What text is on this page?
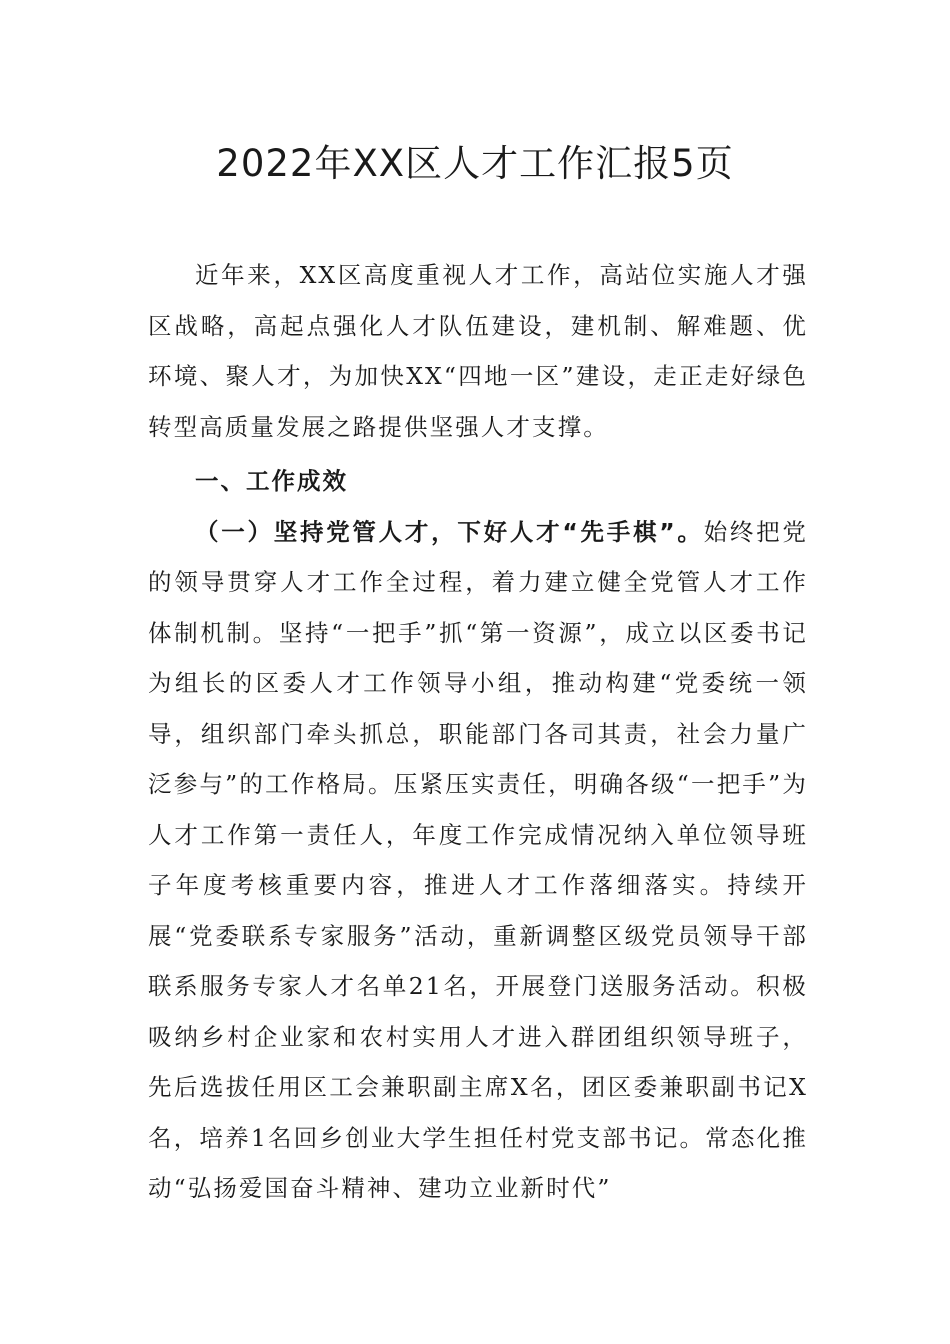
2022年XX区人才工作汇报5页

近年来，XX区高度重视人才工作，高站位实施人才强区战略，高起点强化人才队伍建设，建机制、解难题、优环境、聚人才，为加快XX“四地一区”建设，走正走好绿色转型高质量发展之路提供坚强人才支撑。

一、工作成效

（一）坚持党管人才，下好人才“先手棋”。始终把党的领导贯穿人才工作全过程，着力建立健全党管人才工作体制机制。坚持“一把手”抓“第一资源”，成立以区委书记为组长的区委人才工作领导小组，推动构建“党委统一领导，组织部门牵头抓总，职能部门各司其责，社会力量广泛参与”的工作格局。压紧压实责任，明确各级“一把手”为人才工作第一责任人，年度工作完成情况纳入单位领导班子年度考核重要内容，推进人才工作落细落实。持续开展“党委联系专家服务”活动，重新调整区级党员领导干部联系服务专家人才名单21名，开展登门送服务活动。积极吸纳乡村企业家和农村实用人才进入群团组织领导班子，先后选拔任用区工会兼职副主席X名，团区委兼职副书记X名，培养1名回乡创业大学生担任村党支部书记。常态化推动“弘扬爱国奋斗精神、建功立业新时代”
